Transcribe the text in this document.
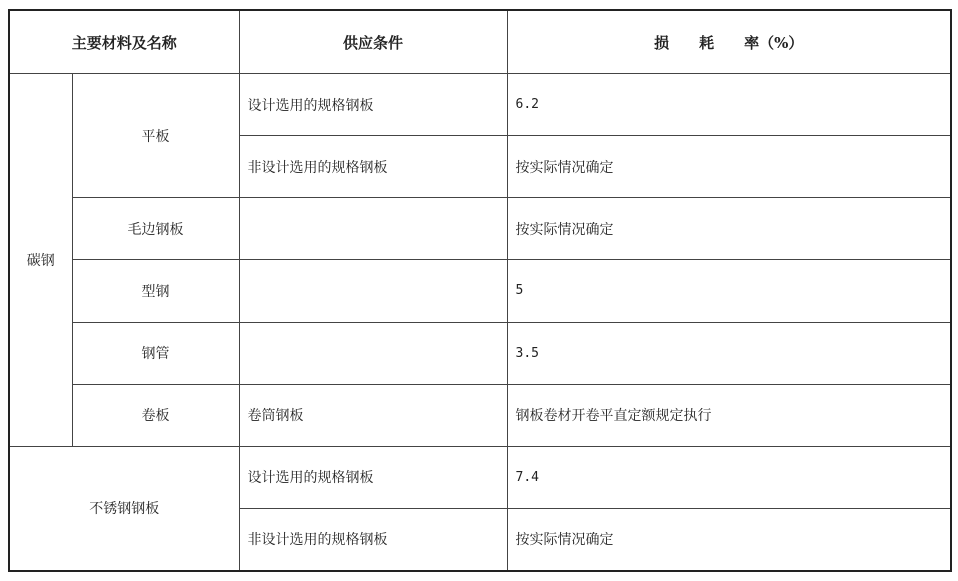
主要材料及名称		供应条件	损　　耗　　率（%）
碳钢	平板	设计选用的规格钢板	6.2
		非设计选用的规格钢板	按实际情况确定
	毛边钢板		按实际情况确定
	型钢		5
	钢管		3.5
	卷板	卷筒钢板	钢板卷材开卷平直定额规定执行
不锈钢钢板		设计选用的规格钢板	7.4
		非设计选用的规格钢板	按实际情况确定
